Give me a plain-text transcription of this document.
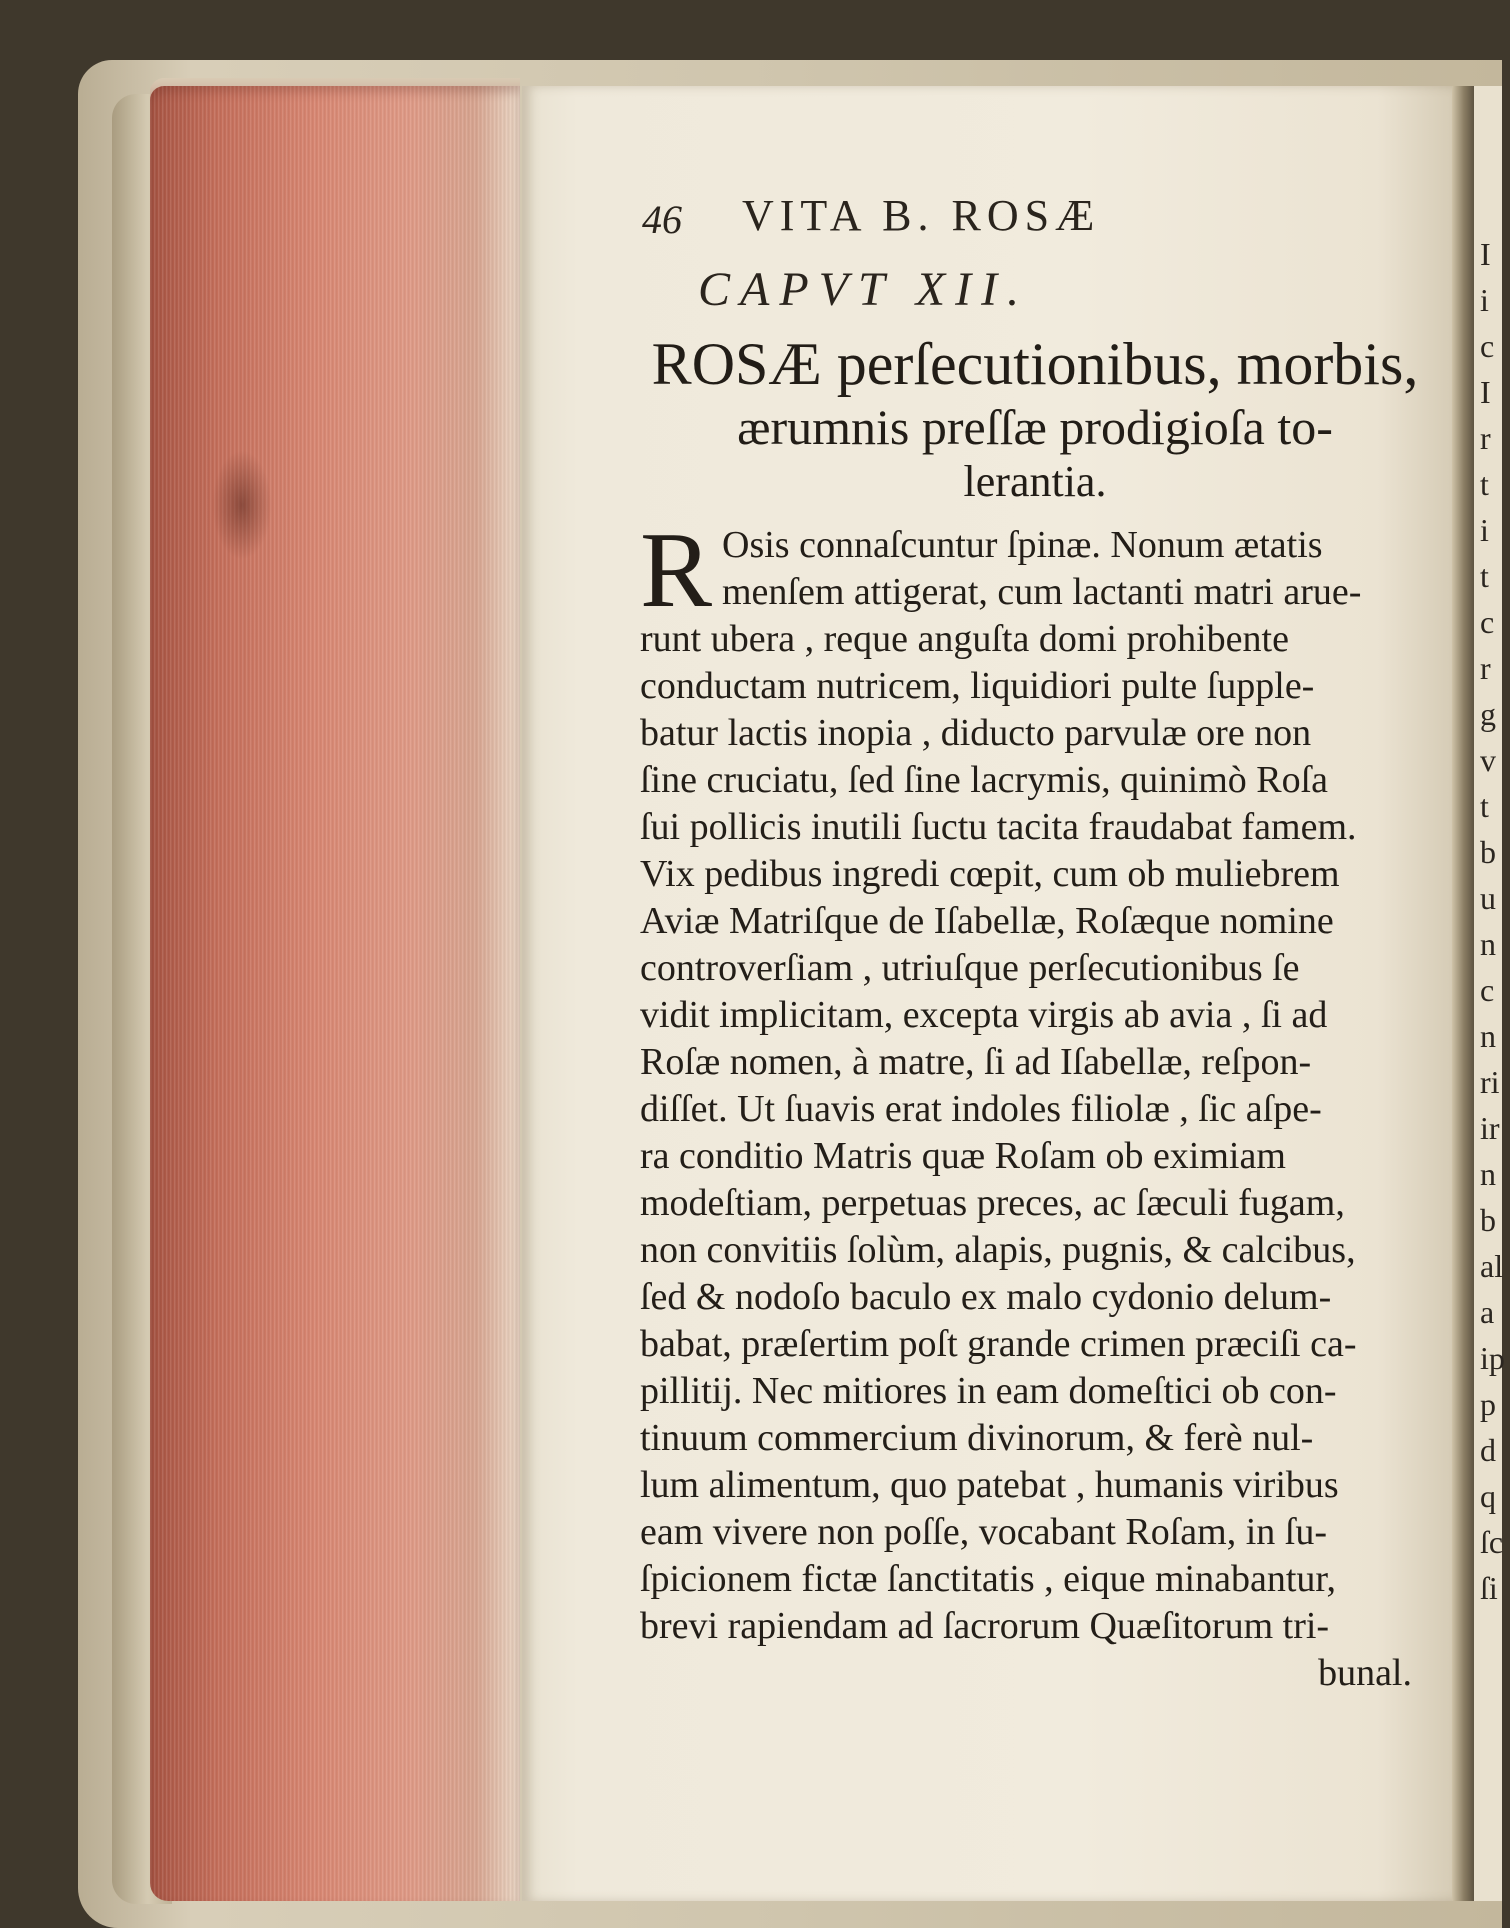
I
i
c
I
r
t
i
t
c
r
g
v
t
b
u
n
c
n
ri
ir
n
b
al
a
ip
p
d
q
ſc
ſi
46 VITA B. ROSÆ
CAPVT XII.
ROSÆ perſecutionibus, morbis,
ærumnis preſſæ prodigioſa to-
lerantia.
R Osis connaſcuntur ſpinæ. Nonum ætatis
menſem attigerat, cum lactanti matri arue-
runt ubera , reque anguſta domi prohibente
conductam nutricem, liquidiori pulte ſupple-
batur lactis inopia , diducto parvulæ ore non
ſine cruciatu, ſed ſine lacrymis, quinimò Roſa
ſui pollicis inutili ſuctu tacita fraudabat famem.
Vix pedibus ingredi cœpit, cum ob muliebrem
Aviæ Matriſque de Iſabellæ, Roſæque nomine
controverſiam , utriuſque perſecutionibus ſe
vidit implicitam, excepta virgis ab avia , ſi ad
Roſæ nomen, à matre, ſi ad Iſabellæ, reſpon-
diſſet. Ut ſuavis erat indoles filiolæ , ſic aſpe-
ra conditio Matris quæ Roſam ob eximiam
modeſtiam, perpetuas preces, ac ſæculi fugam,
non convitiis ſolùm, alapis, pugnis, & calcibus,
ſed & nodoſo baculo ex malo cydonio delum-
babat, præſertim poſt grande crimen præciſi ca-
pillitij. Nec mitiores in eam domeſtici ob con-
tinuum commercium divinorum, & ferè nul-
lum alimentum, quo patebat , humanis viribus
eam vivere non poſſe, vocabant Roſam, in ſu-
ſpicionem fictæ ſanctitatis , eique minabantur,
brevi rapiendam ad ſacrorum Quæſitorum tri-
bunal.
